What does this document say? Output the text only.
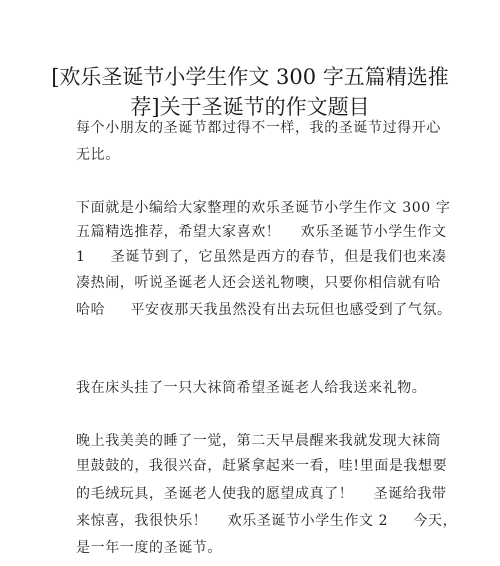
[欢乐圣诞节小学生作文 300 字五篇精选推
荐]关于圣诞节的作文题目
每个小朋友的圣诞节都过得不一样，我的圣诞节过得开心
无比。
下面就是小编给大家整理的欢乐圣诞节小学生作文 300 字
五篇精选推荐，希望大家喜欢！    欢乐圣诞节小学生作文
1     圣诞节到了，它虽然是西方的春节，但是我们也来凑
凑热闹，听说圣诞老人还会送礼物噢，只要你相信就有哈
哈哈     平安夜那天我虽然没有出去玩但也感受到了气氛。
我在床头挂了一只大袜筒希望圣诞老人给我送来礼物。
晚上我美美的睡了一觉，第二天早晨醒来我就发现大袜筒
里鼓鼓的，我很兴奋，赶紧拿起来一看，哇!里面是我想要
的毛绒玩具，圣诞老人使我的愿望成真了！    圣诞给我带
来惊喜，我很快乐！    欢乐圣诞节小学生作文 2     今天，
是一年一度的圣诞节。
